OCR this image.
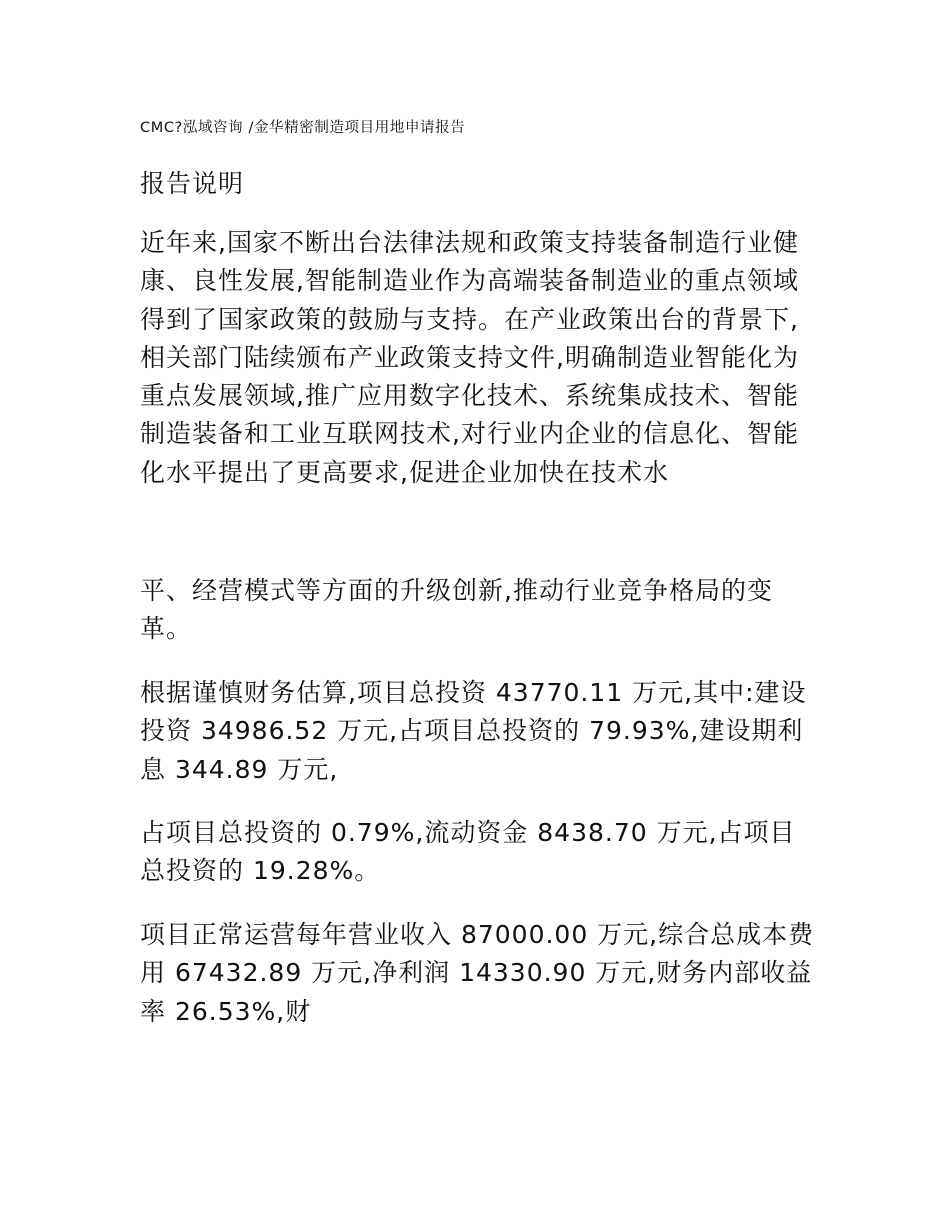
CMC?泓域咨询 /金华精密制造项目用地申请报告
报告说明
近年来,国家不断出台法律法规和政策支持装备制造行业健康、良性发展,智能制造业作为高端装备制造业的重点领域得到了国家政策的鼓励与支持。在产业政策出台的背景下,相关部门陆续颁布产业政策支持文件,明确制造业智能化为重点发展领域,推广应用数字化技术、系统集成技术、智能制造装备和工业互联网技术,对行业内企业的信息化、智能化水平提出了更高要求,促进企业加快在技术水
平、经营模式等方面的升级创新,推动行业竞争格局的变革。
根据谨慎财务估算,项目总投资 43770.11 万元,其中:建设投资 34986.52 万元,占项目总投资的 79.93%,建设期利息 344.89 万元,
占项目总投资的 0.79%,流动资金 8438.70 万元,占项目总投资的 19.28%。
项目正常运营每年营业收入 87000.00 万元,综合总成本费用 67432.89 万元,净利润 14330.90 万元,财务内部收益率 26.53%,财
